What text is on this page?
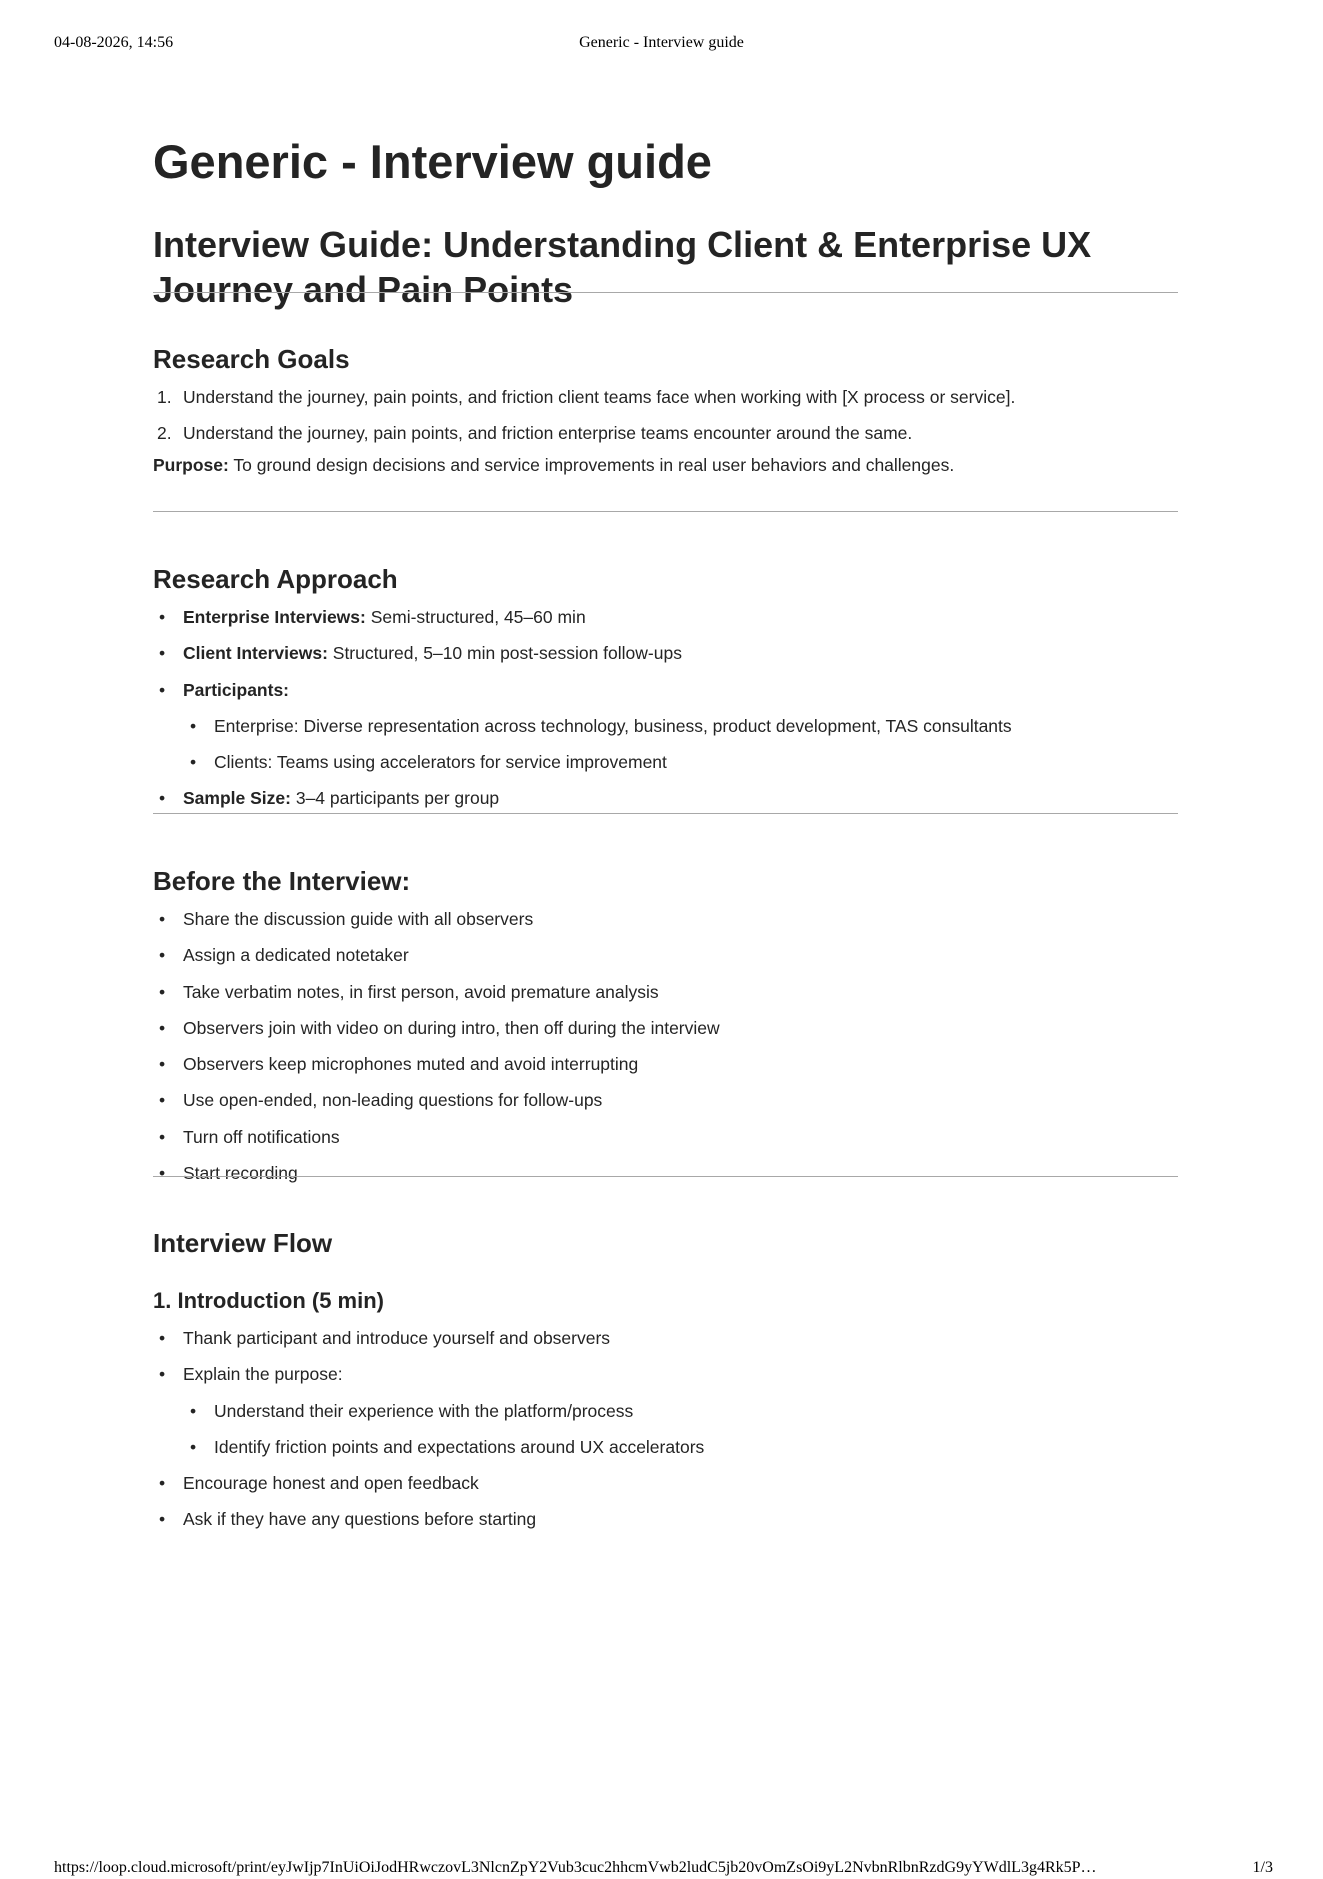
04-08-2026, 14:56	Generic - Interview guide
Generic - Interview guide
Interview Guide: Understanding Client & Enterprise UX Journey and Pain Points
Research Goals
1. Understand the journey, pain points, and friction client teams face when working with [X process or service].
2. Understand the journey, pain points, and friction enterprise teams encounter around the same.
Purpose: To ground design decisions and service improvements in real user behaviors and challenges.
Research Approach
• Enterprise Interviews: Semi-structured, 45–60 min
• Client Interviews: Structured, 5–10 min post-session follow-ups
• Participants:
• Enterprise: Diverse representation across technology, business, product development, TAS consultants
• Clients: Teams using accelerators for service improvement
• Sample Size: 3–4 participants per group
Before the Interview:
• Share the discussion guide with all observers
• Assign a dedicated notetaker
• Take verbatim notes, in first person, avoid premature analysis
• Observers join with video on during intro, then off during the interview
• Observers keep microphones muted and avoid interrupting
• Use open-ended, non-leading questions for follow-ups
• Turn off notifications
• Start recording
Interview Flow
1. Introduction (5 min)
• Thank participant and introduce yourself and observers
• Explain the purpose:
• Understand their experience with the platform/process
• Identify friction points and expectations around UX accelerators
• Encourage honest and open feedback
• Ask if they have any questions before starting
https://loop.cloud.microsoft/print/eyJwIjp7InUiOiJodHRwczovL3NlcnZpY2Vub3cuc2hhcmVwb2ludC5jb20vOmZsOi9yL2NvbnRlbnRzdG9yYWdlL3g4Rk5P…	1/3
